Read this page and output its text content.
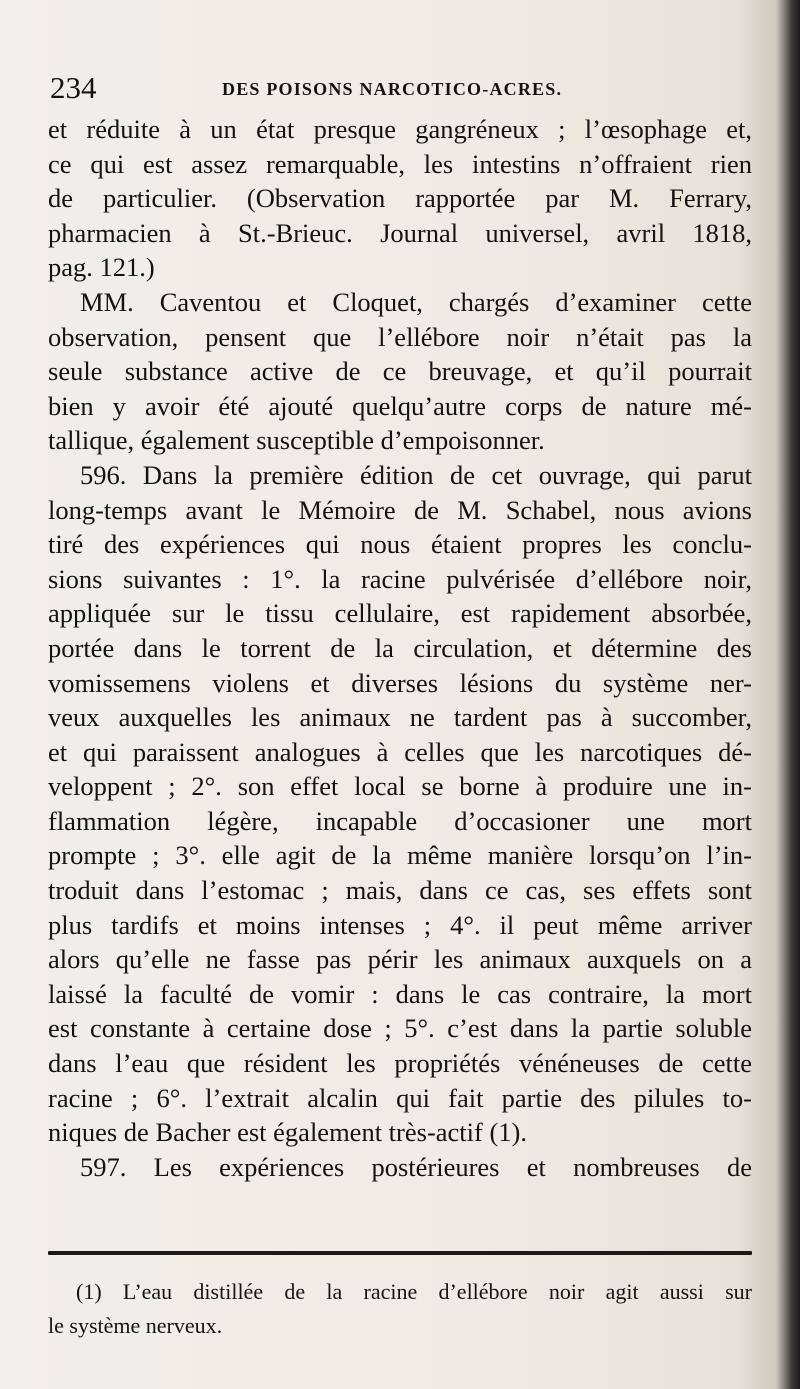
234	DES POISONS NARCOTICO-ACRES.
et réduite à un état presque gangréneux ; l’œsophage et,
ce qui est assez remarquable, les intestins n’offraient rien
de particulier. (Observation rapportée par M. Ferrary,
pharmacien à St.-Brieuc. Journal universel, avril 1818,
pag. 121.)
MM. Caventou et Cloquet, chargés d’examiner cette
observation, pensent que l’ellébore noir n’était pas la
seule substance active de ce breuvage, et qu’il pourrait
bien y avoir été ajouté quelqu’autre corps de nature mé-
tallique, également susceptible d’empoisonner.
596. Dans la première édition de cet ouvrage, qui parut
long-temps avant le Mémoire de M. Schabel, nous avions
tiré des expériences qui nous étaient propres les conclu-
sions suivantes : 1°. la racine pulvérisée d’ellébore noir,
appliquée sur le tissu cellulaire, est rapidement absorbée,
portée dans le torrent de la circulation, et détermine des
vomissemens violens et diverses lésions du système ner-
veux auxquelles les animaux ne tardent pas à succomber,
et qui paraissent analogues à celles que les narcotiques dé-
veloppent ; 2°. son effet local se borne à produire une in-
flammation légère, incapable d’occasioner une mort
prompte ; 3°. elle agit de la même manière lorsqu’on l’in-
troduit dans l’estomac ; mais, dans ce cas, ses effets sont
plus tardifs et moins intenses ; 4°. il peut même arriver
alors qu’elle ne fasse pas périr les animaux auxquels on a
laissé la faculté de vomir : dans le cas contraire, la mort
est constante à certaine dose ; 5°. c’est dans la partie soluble
dans l’eau que résident les propriétés vénéneuses de cette
racine ; 6°. l’extrait alcalin qui fait partie des pilules to-
niques de Bacher est également très-actif (1).
597. Les expériences postérieures et nombreuses de
(1) L’eau distillée de la racine d’ellébore noir agit aussi sur
le système nerveux.
